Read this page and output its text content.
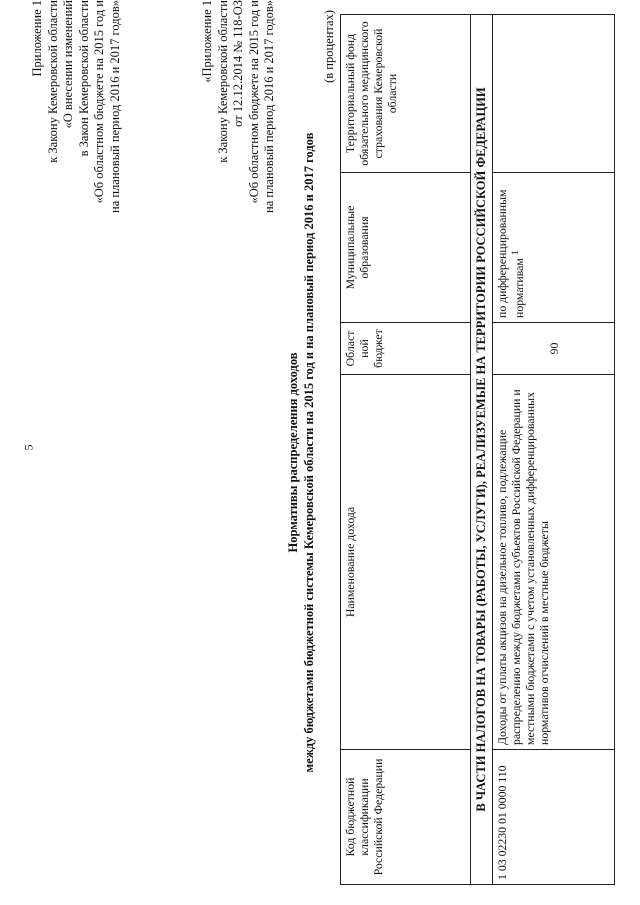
5
Приложение 1 к Закону Кемеровской области «О внесении изменений в Закон Кемеровской области «Об областном бюджете на 2015 год и на плановый период 2016 и 2017 годов»	«Приложение 1 к Закону Кемеровской области от 12.12.2014 № 118-ОЗ «Об областном бюджете на 2015 год и на плановый период 2016 и 2017 годов»
Нормативы распределения доходов между бюджетами бюджетной системы Кемеровской области на 2015 год и на плановый период 2016 и 2017 годов
(в процентах)
Код бюджетной классификации Российской Федерации	Наименование дохода	Област ной бюджет	Муниципальные образования	Территориальный фонд обязательного медицинского страхования Кемеровской области
В ЧАСТИ НАЛОГОВ НА ТОВАРЫ (РАБОТЫ, УСЛУГИ), РЕАЛИЗУЕМЫЕ НА ТЕРРИТОРИИ РОССИЙСКОЙ ФЕДЕРАЦИИ				
1 03 02230 01 0000 110	Доходы от уплаты акцизов на дизельное топливо, подлежащие распределению между бюджетами субъектов Российской Федерации и местными бюджетами с учетом установленных дифференцированных нормативов отчислений в местные бюджеты	90	по дифференцированным нормативам $^1$	
